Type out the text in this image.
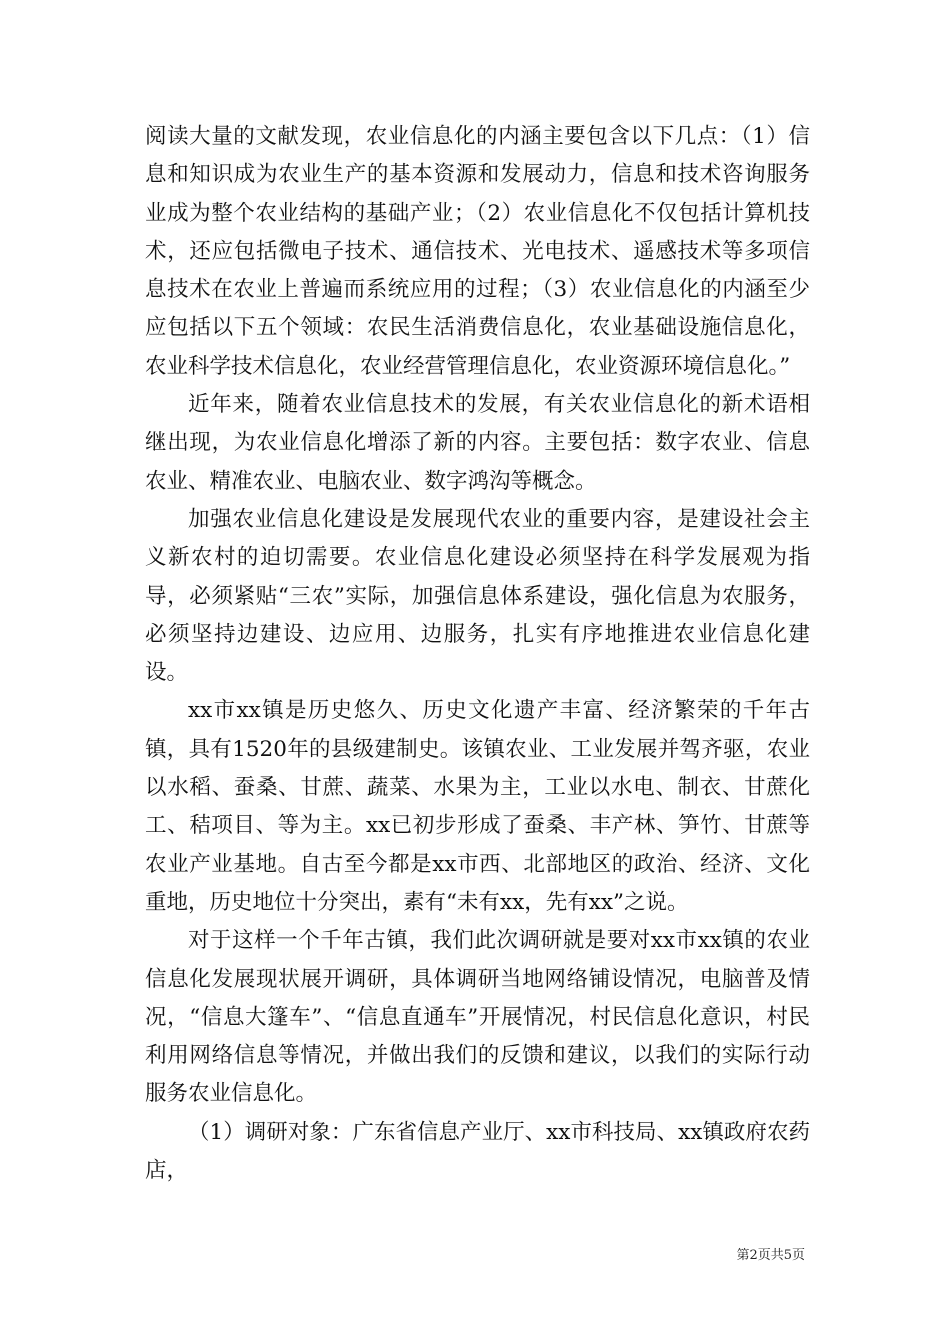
阅读大量的文献发现，农业信息化的内涵主要包含以下几点：（1）信息和知识成为农业生产的基本资源和发展动力，信息和技术咨询服务业成为整个农业结构的基础产业；（2）农业信息化不仅包括计算机技术，还应包括微电子技术、通信技术、光电技术、遥感技术等多项信息技术在农业上普遍而系统应用的过程；（3）农业信息化的内涵至少应包括以下五个领域：农民生活消费信息化，农业基础设施信息化，农业科学技术信息化，农业经营管理信息化，农业资源环境信息化。”

近年来，随着农业信息技术的发展，有关农业信息化的新术语相继出现，为农业信息化增添了新的内容。主要包括：数字农业、信息农业、精准农业、电脑农业、数字鸿沟等概念。

加强农业信息化建设是发展现代农业的重要内容，是建设社会主义新农村的迫切需要。农业信息化建设必须坚持在科学发展观为指导，必须紧贴“三农”实际，加强信息体系建设，强化信息为农服务，必须坚持边建设、边应用、边服务，扎实有序地推进农业信息化建设。

xx市xx镇是历史悠久、历史文化遗产丰富、经济繁荣的千年古镇，具有1520年的县级建制史。该镇农业、工业发展并驾齐驱，农业以水稻、蚕桑、甘蔗、蔬菜、水果为主，工业以水电、制衣、甘蔗化工、秸项目、等为主。xx已初步形成了蚕桑、丰产林、笋竹、甘蔗等农业产业基地。自古至今都是xx市西、北部地区的政治、经济、文化重地，历史地位十分突出，素有“未有xx，先有xx”之说。

对于这样一个千年古镇，我们此次调研就是要对xx市xx镇的农业信息化发展现状展开调研，具体调研当地网络铺设情况，电脑普及情况，“信息大篷车”、“信息直通车”开展情况，村民信息化意识，村民利用网络信息等情况，并做出我们的反馈和建议，以我们的实际行动服务农业信息化。

（1）调研对象：广东省信息产业厅、xx市科技局、xx镇政府农药店，

第2页共5页
